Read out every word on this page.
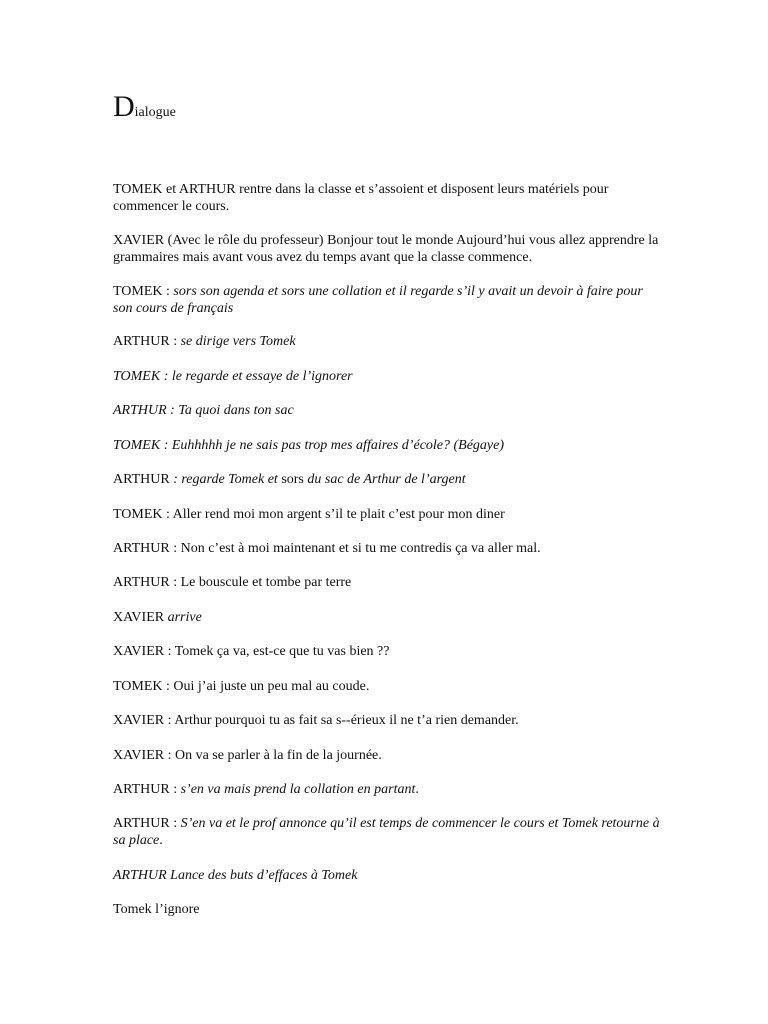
Dialogue

TOMEK et ARTHUR rentre dans la classe et s’assoient et disposent leurs matériels pour commencer le cours.

XAVIER (Avec le rôle du professeur) Bonjour tout le monde Aujourd’hui vous allez apprendre la grammaires mais avant vous avez du temps avant que la classe commence.

TOMEK : sors son agenda et sors une collation et il regarde s’il y avait un devoir à faire pour son cours de français

ARTHUR : se dirige vers Tomek

TOMEK : le regarde et essaye de l’ignorer

ARTHUR : Ta quoi dans ton sac

TOMEK : Euhhhhh je ne sais pas trop mes affaires d’école? (Bégaye)

ARTHUR : regarde Tomek et sors du sac de Arthur de l’argent

TOMEK : Aller rend moi mon argent s’il te plait c’est pour mon diner

ARTHUR : Non c’est à moi maintenant et si tu me contredis ça va aller mal.

ARTHUR : Le bouscule et tombe par terre

XAVIER arrive

XAVIER : Tomek ça va, est-ce que tu vas bien ??

TOMEK : Oui j’ai juste un peu mal au coude.

XAVIER : Arthur pourquoi tu as fait sa s--érieux il ne t’a rien demander.

XAVIER : On va se parler à la fin de la journée.

ARTHUR : s’en va mais prend la collation en partant.

ARTHUR : S’en va et le prof annonce qu’il est temps de commencer le cours et Tomek retourne à sa place.

ARTHUR Lance des buts d’effaces à Tomek

Tomek l’ignore
